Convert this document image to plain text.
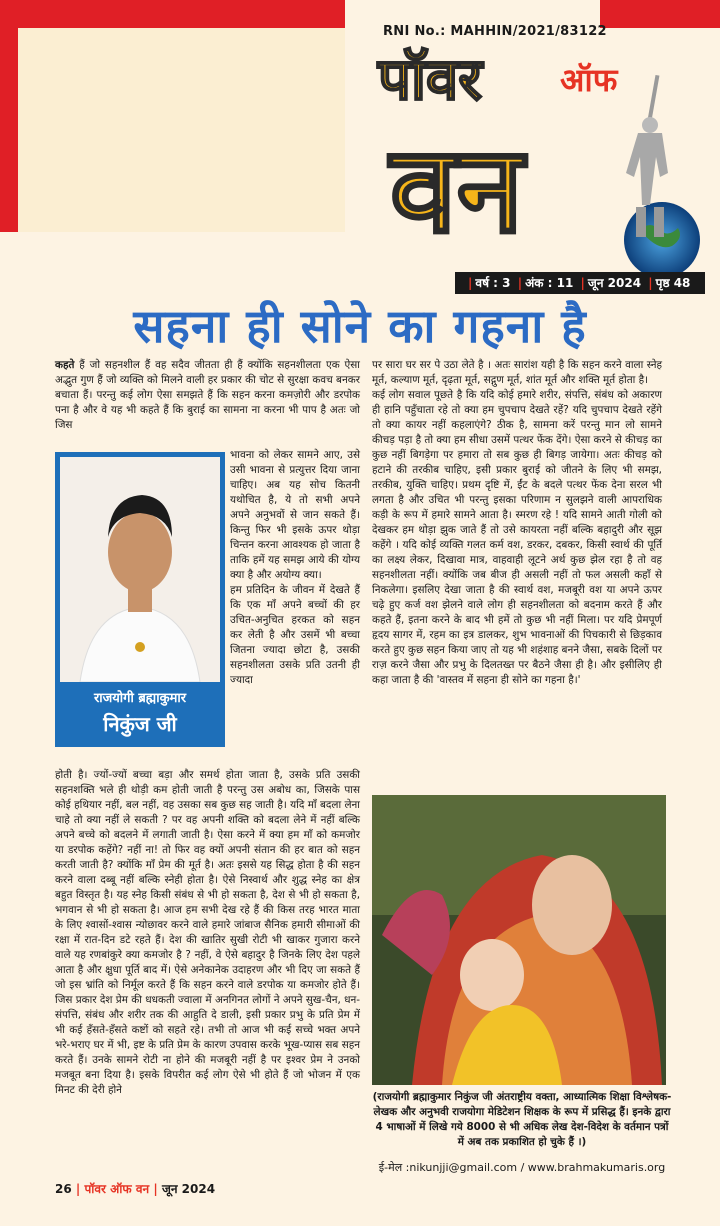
RNI No.: MAHHIN/2021/83122
पॉवर ऑफ
वन
| वर्ष : 3 | अंक : 11 | जून 2024 | पृष्ठ 48
सहना ही सोने का गहना है

कहते हैं जो सहनशील हैं वह सदैव जीतता ही हैं क्योंकि सहनशीलता एक ऐसा अद्भुत गुण हैं जो व्यक्ति को मिलने वाली हर प्रकार की चोट से सुरक्षा कवच बनकर बचाता हैं। परन्तु कई लोग ऐसा समझते हैं कि सहन करना कमज़ोरी और डरपोक पना है और वे यह भी कहते हैं कि बुराई का सामना ना करना भी पाप है अतः जो जिस

राजयोगी ब्रह्माकुमार
निकुंज जी

भावना को लेकर सामने आए, उसे उसी भावना से प्रत्युत्तर दिया जाना चाहिए। अब यह सोच कितनी यथोचित है, ये तो सभी अपने अपने अनुभवों से जान सकते हैं। किन्तु फिर भी इसके ऊपर थोड़ा चिन्तन करना आवश्यक हो जाता है ताकि हमें यह समझ आये की योग्य क्या है और अयोग्य क्या।
हम प्रतिदिन के जीवन में देखते हैं कि एक माँ अपने बच्चों की हर उचित-अनुचित हरकत को सहन कर लेती है और उसमें भी बच्चा जितना ज्यादा छोटा है, उसकी सहनशीलता उसके प्रति उतनी ही ज्यादा

होती है। ज्यों-ज्यों बच्चा बड़ा और समर्थ होता जाता है, उसके प्रति उसकी सहनशक्ति भले ही थोड़ी कम होती जाती है परन्तु उस अबोध का, जिसके पास कोई हथियार नहीं, बल नहीं, वह उसका सब कुछ सह जाती है। यदि माँ बदला लेना चाहे तो क्या नहीं ले सकती ? पर वह अपनी शक्ति को बदला लेने में नहीं बल्कि अपने बच्चे को बदलने में लगाती जाती है। ऐसा करने में क्या हम माँ को कमजोर या डरपोक कहेंगे? नहीं ना! तो फिर वह क्यों अपनी संतान की हर बात को सहन करती जाती है? क्योंकि माँ प्रेम की मूर्त है। अतः इससे यह सिद्ध होता है की सहन करने वाला दब्बू नहीं बल्कि स्नेही होता है। ऐसे निस्वार्थ और शुद्ध स्नेह का क्षेत्र बहुत विस्तृत है। यह स्नेह किसी संबंध से भी हो सकता है, देश से भी हो सकता है, भगवान से भी हो सकता है। आज हम सभी देख रहे हैं की किस तरह भारत माता के लिए श्वासों-श्वास न्योछावर करने वाले हमारे जांबाज सैनिक हमारी सीमाओं की रक्षा में रात-दिन डटे रहते हैं। देश की खातिर सुखी रोटी भी खाकर गुजारा करने वाले यह रणबांकुरे क्या कमजोर है ? नहीं, वे ऐसे बहादुर है जिनके लिए देश पहले आता है और क्षुधा पूर्ति बाद में। ऐसे अनेकानेक उदाहरण और भी दिए जा सकते हैं जो इस भ्रांति को निर्मूल करते हैं कि सहन करने वाले डरपोक या कमजोर होते हैं। जिस प्रकार देश प्रेम की धधकती ज्वाला में अनगिनत लोगों ने अपने सुख-चैन, धन-संपत्ति, संबंध और शरीर तक की आहुति दे डाली, इसी प्रकार प्रभु के प्रति प्रेम में भी कई हँसते-हँसते कष्टों को सहते रहे। तभी तो आज भी कई सच्चे भक्त अपने भरे-भराए घर में भी, इष्ट के प्रति प्रेम के कारण उपवास करके भूख-प्यास सब सहन करते हैं। उनके सामने रोटी ना होने की मजबूरी नहीं है पर इश्वर प्रेम ने उनको मजबूत बना दिया है। इसके विपरीत कई लोग ऐसे भी होते हैं जो भोजन में एक मिनट की देरी होने

पर सारा घर सर पे उठा लेते है । अतः सारांश यही है कि सहन करने वाला स्नेह मूर्त, कल्याण मूर्त, दृढ़ता मूर्त, सद्गुण मूर्त, शांत मूर्त और शक्ति मूर्त होता है।
कई लोग सवाल पूछते है कि यदि कोई हमारे शरीर, संपत्ति, संबंध को अकारण ही हानि पहुँचाता रहे तो क्या हम चुपचाप देखते रहें? यदि चुपचाप देखते रहेंगे तो क्या कायर नहीं कहलाएंगे? ठीक है, सामना करें परन्तु मान लो सामने कीचड़ पड़ा है तो क्या हम सीधा उसमें पत्थर फेंक देंगे। ऐसा करने से कीचड़ का कुछ नहीं बिगड़ेगा पर हमारा तो सब कुछ ही बिगड़ जायेगा। अतः कीचड़ को हटाने की तरकीब चाहिए, इसी प्रकार बुराई को जीतने के लिए भी समझ, तरकीब, युक्ति चाहिए। प्रथम दृष्टि में, ईंट के बदले पत्थर फेंक देना सरल भी लगता है और उचित भी परन्तु इसका परिणाम न सुलझने वाली आपराधिक कड़ी के रूप में हमारे सामने आता है। स्मरण रहे ! यदि सामने आती गोली को देखकर हम थोड़ा झुक जाते हैं तो उसे कायरता नहीं बल्कि बहादुरी और सूझ कहेंगे । यदि कोई व्यक्ति गलत कर्म वश, डरकर, दबकर, किसी स्वार्थ की पूर्ति का लक्ष्य लेकर, दिखावा मात्र, वाहवाही लूटने अर्थ कुछ झेल रहा है तो वह सहनशीलता नहीं। क्योंकि जब बीज ही असली नहीं तो फल असली कहाँ से निकलेगा। इसलिए देखा जाता है की स्वार्थ वश, मजबूरी वश या अपने ऊपर चढ़े हुए कर्ज वश झेलने वाले लोग ही सहनशीलता को बदनाम करते हैं और कहते हैं, इतना करने के बाद भी हमें तो कुछ भी नहीं मिला। पर यदि प्रेमपूर्ण हृदय सागर में, रहम का इत्र डालकर, शुभ भावनाओं की पिचकारी से छिड़काव करते हुए कुछ सहन किया जाए तो यह भी शहंशाह बनने जैसा, सबके दिलों पर राज़ करने जैसा और प्रभु के दिलतख्त पर बैठने जैसा ही है। और इसीलिए ही कहा जाता है की 'वास्तव में सहना ही सोने का गहना है।'

(राजयोगी ब्रह्माकुमार निकुंज जी अंतराष्ट्रीय वक्ता, आध्यात्मिक शिक्षा विश्लेषक-लेखक और अनुभवी राजयोगा मेडिटेशन शिक्षक के रूप में प्रसिद्ध हैं। इनके द्वारा 4 भाषाओं में लिखे गये 8000 से भी अधिक लेख देश-विदेश के वर्तमान पत्रों में अब तक प्रकाशित हो चुके हैं ।)
ई-मेल :nikunjji@gmail.com / www.brahmakumaris.org
26 | पॉवर ऑफ वन | जून 2024
